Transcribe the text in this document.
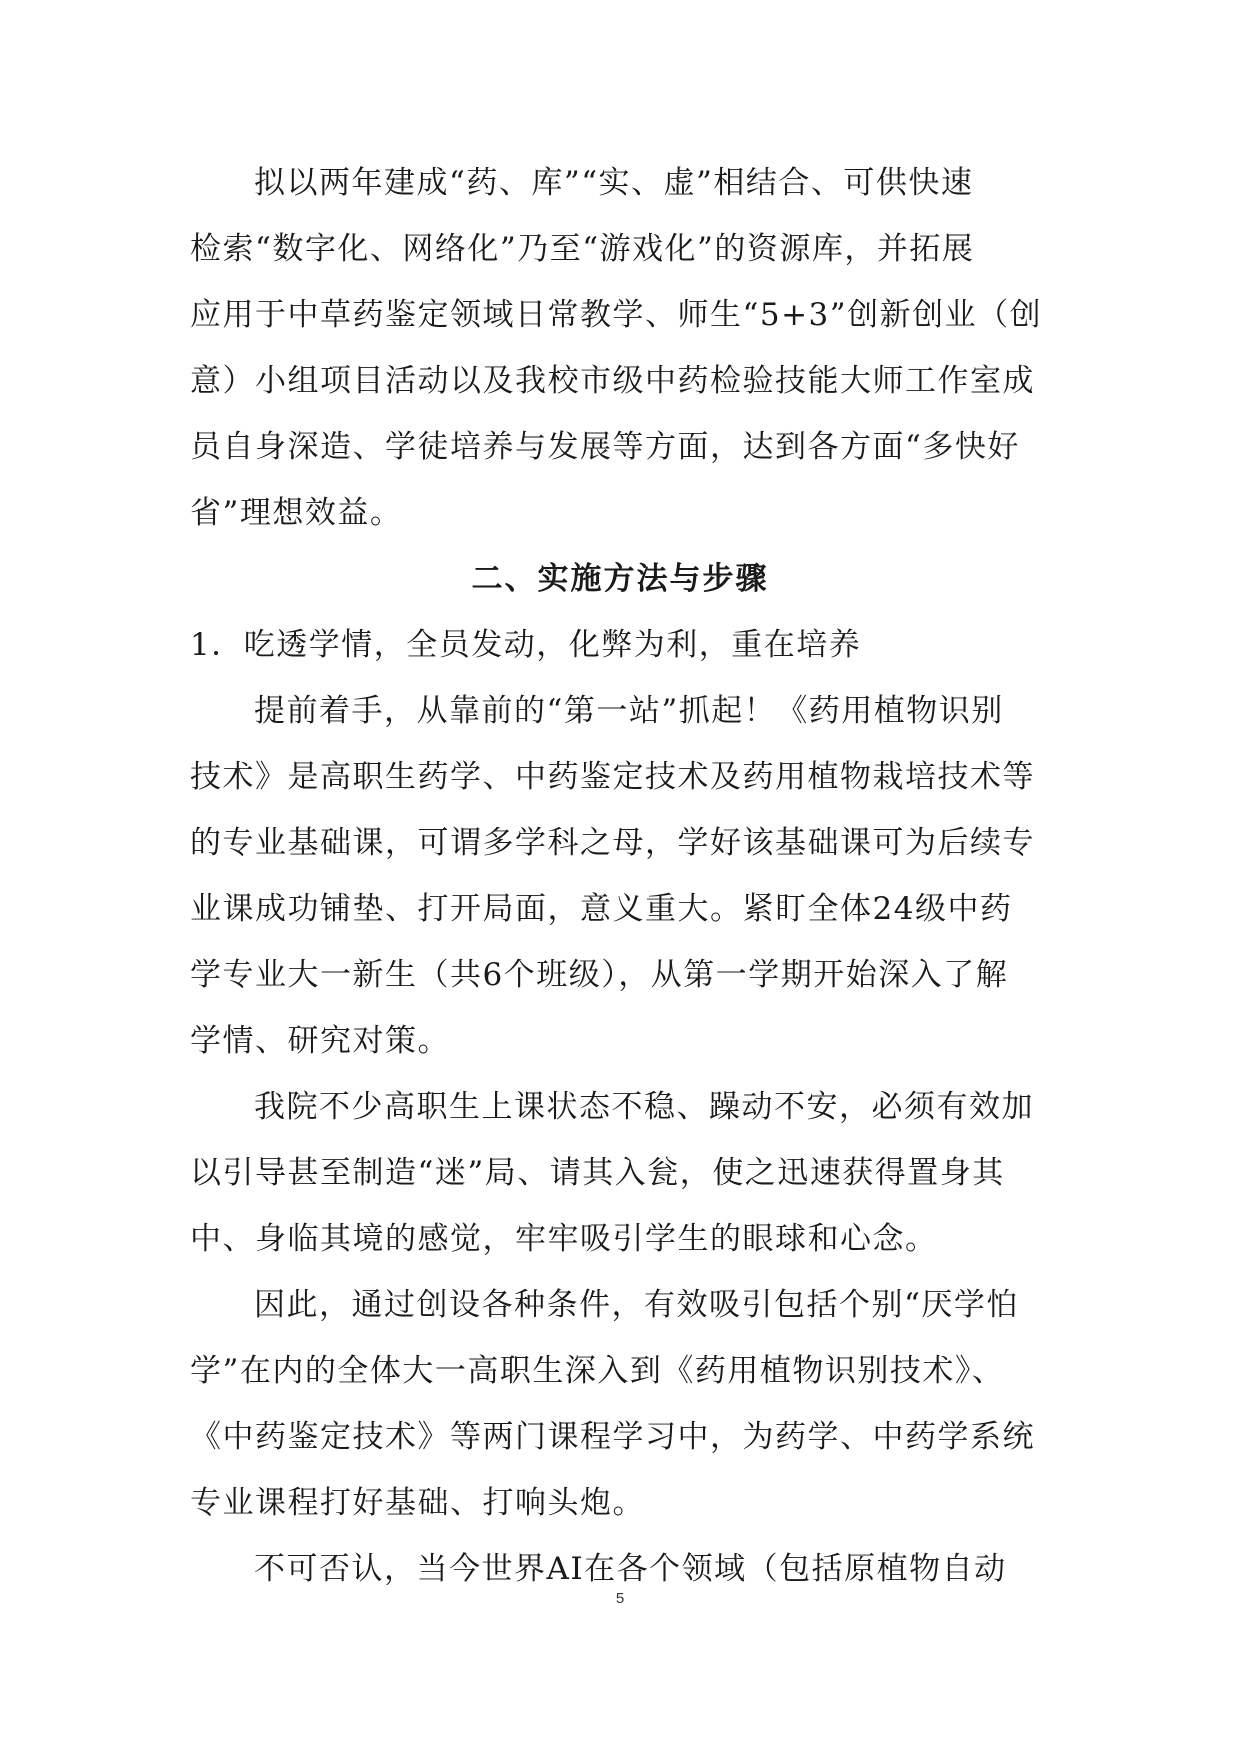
拟以两年建成“药、库”“实、虚”相结合、可供快速
检索“数字化、网络化”乃至“游戏化”的资源库，并拓展
应用于中草药鉴定领域日常教学、师生“5+3”创新创业（创
意）小组项目活动以及我校市级中药检验技能大师工作室成
员自身深造、学徒培养与发展等方面，达到各方面“多快好
省”理想效益。
二、实施方法与步骤
1．吃透学情，全员发动，化弊为利，重在培养
提前着手，从靠前的“第一站”抓起！《药用植物识别
技术》是高职生药学、中药鉴定技术及药用植物栽培技术等
的专业基础课，可谓多学科之母，学好该基础课可为后续专
业课成功铺垫、打开局面，意义重大。紧盯全体24级中药
学专业大一新生（共6个班级），从第一学期开始深入了解
学情、研究对策。
我院不少高职生上课状态不稳、躁动不安，必须有效加
以引导甚至制造“迷”局、请其入瓮，使之迅速获得置身其
中、身临其境的感觉，牢牢吸引学生的眼球和心念。
因此，通过创设各种条件，有效吸引包括个别“厌学怕
学”在内的全体大一高职生深入到《药用植物识别技术》、
《中药鉴定技术》等两门课程学习中，为药学、中药学系统
专业课程打好基础、打响头炮。
不可否认，当今世界AI在各个领域（包括原植物自动
5
